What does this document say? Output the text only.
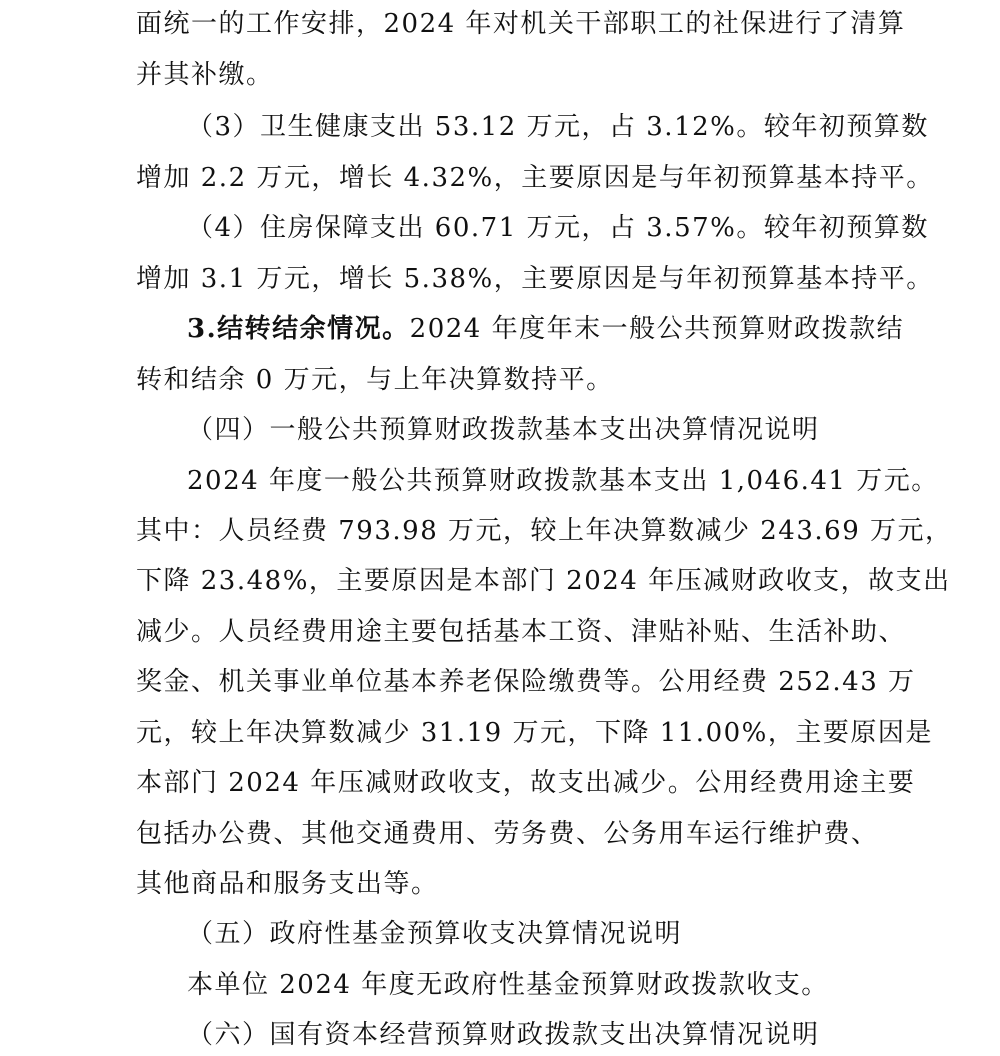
面统一的工作安排，2024 年对机关干部职工的社保进行了清算
并其补缴。
（3）卫生健康支出 53.12 万元，占 3.12%。较年初预算数
增加 2.2 万元，增长 4.32%，主要原因是与年初预算基本持平。
（4）住房保障支出 60.71 万元，占 3.57%。较年初预算数
增加 3.1 万元，增长 5.38%，主要原因是与年初预算基本持平。
3.结转结余情况。2024 年度年末一般公共预算财政拨款结
转和结余 0 万元，与上年决算数持平。
（四）一般公共预算财政拨款基本支出决算情况说明
2024 年度一般公共预算财政拨款基本支出 1,046.41 万元。
其中：人员经费 793.98 万元，较上年决算数减少 243.69 万元，
下降 23.48%，主要原因是本部门 2024 年压减财政收支，故支出
减少。人员经费用途主要包括基本工资、津贴补贴、生活补助、
奖金、机关事业单位基本养老保险缴费等。公用经费 252.43 万
元，较上年决算数减少 31.19 万元，下降 11.00%，主要原因是
本部门 2024 年压减财政收支，故支出减少。公用经费用途主要
包括办公费、其他交通费用、劳务费、公务用车运行维护费、
其他商品和服务支出等。
（五）政府性基金预算收支决算情况说明
本单位 2024 年度无政府性基金预算财政拨款收支。
（六）国有资本经营预算财政拨款支出决算情况说明
